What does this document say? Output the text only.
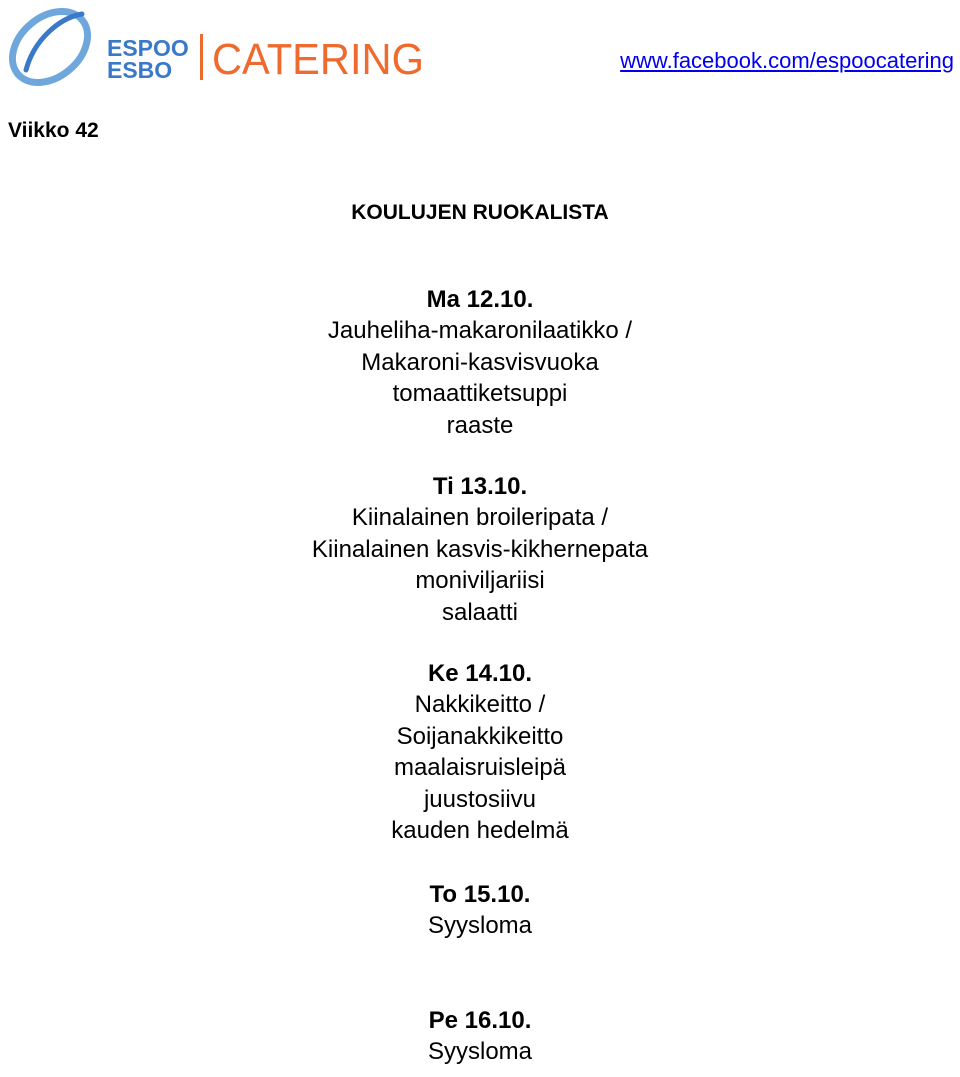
ESPOO
ESBO CATERING	www.facebook.com/espoocatering
Viikko 42
KOULUJEN RUOKALISTA
Ma 12.10.
Jauheliha-makaronilaatikko /
Makaroni-kasvisvuoka
tomaattiketsuppi
raaste
Ti 13.10.
Kiinalainen broileripata /
Kiinalainen kasvis-kikhernepata
moniviljariisi
salaatti
Ke 14.10.
Nakkikeitto /
Soijanakkikeitto
maalaisruisleipä
juustosiivu
kauden hedelmä
To 15.10.
Syysloma
Pe 16.10.
Syysloma
